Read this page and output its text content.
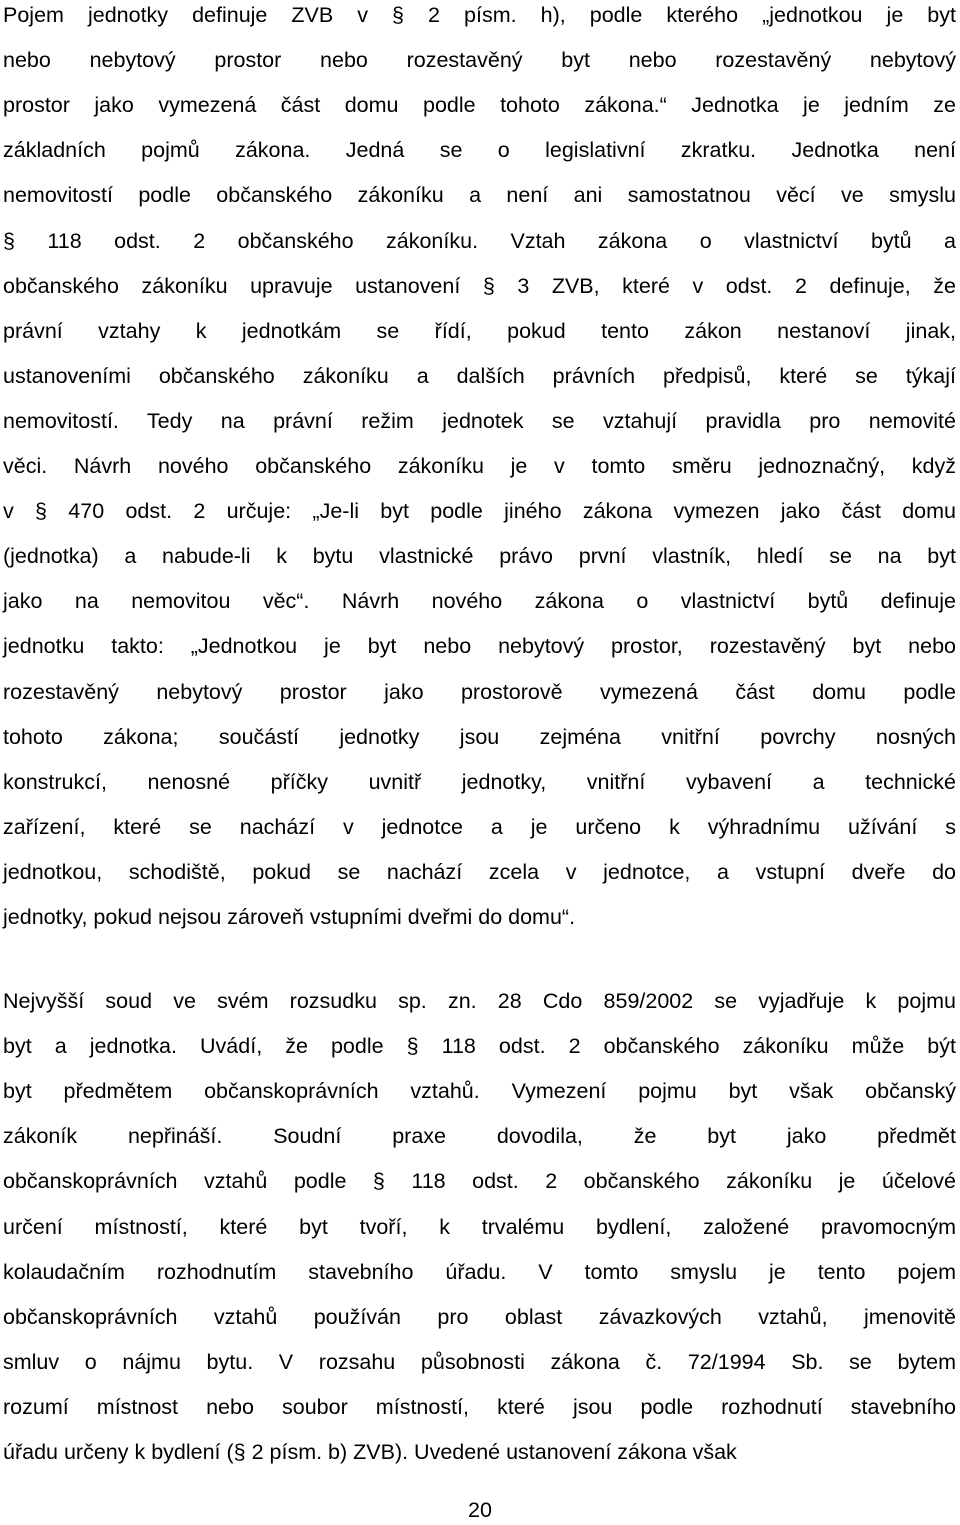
Pojem jednotky definuje ZVB v § 2 písm. h), podle kterého „jednotkou je byt
nebo nebytový prostor nebo rozestavěný byt nebo rozestavěný nebytový
prostor jako vymezená část domu podle tohoto zákona.“ Jednotka je jedním ze
základních pojmů zákona. Jedná se o legislativní zkratku. Jednotka není
nemovitostí podle občanského zákoníku a není ani samostatnou věcí ve smyslu
§ 118 odst. 2 občanského zákoníku. Vztah zákona o vlastnictví bytů a
občanského zákoníku upravuje ustanovení § 3 ZVB, které v odst. 2 definuje, že
právní vztahy k jednotkám se řídí, pokud tento zákon nestanoví jinak,
ustanoveními občanského zákoníku a dalších právních předpisů, které se týkají
nemovitostí. Tedy na právní režim jednotek se vztahují pravidla pro nemovité
věci. Návrh nového občanského zákoníku je v tomto směru jednoznačný, když
v § 470 odst. 2 určuje: „Je-li byt podle jiného zákona vymezen jako část domu
(jednotka) a nabude-li k bytu vlastnické právo první vlastník, hledí se na byt
jako na nemovitou věc“. Návrh nového zákona o vlastnictví bytů definuje
jednotku takto: „Jednotkou je byt nebo nebytový prostor, rozestavěný byt nebo
rozestavěný nebytový prostor jako prostorově vymezená část domu podle
tohoto zákona; součástí jednotky jsou zejména vnitřní povrchy nosných
konstrukcí, nenosné příčky uvnitř jednotky, vnitřní vybavení a technické
zařízení, které se nachází v jednotce a je určeno k výhradnímu užívání s
jednotkou, schodiště, pokud se nachází zcela v jednotce, a vstupní dveře do
jednotky, pokud nejsou zároveň vstupními dveřmi do domu“.
Nejvyšší soud ve svém rozsudku sp. zn. 28 Cdo 859/2002 se vyjadřuje k pojmu
byt a jednotka. Uvádí, že podle § 118 odst. 2 občanského zákoníku může být
byt předmětem občanskoprávních vztahů. Vymezení pojmu byt však občanský
zákoník nepřináší. Soudní praxe dovodila, že byt jako předmět
občanskoprávních vztahů podle § 118 odst. 2 občanského zákoníku je účelové
určení místností, které byt tvoří, k trvalému bydlení, založené pravomocným
kolaudačním rozhodnutím stavebního úřadu. V tomto smyslu je tento pojem
občanskoprávních vztahů používán pro oblast závazkových vztahů, jmenovitě
smluv o nájmu bytu. V rozsahu působnosti zákona č. 72/1994 Sb. se bytem
rozumí místnost nebo soubor místností, které jsou podle rozhodnutí stavebního
úřadu určeny k bydlení (§ 2 písm. b) ZVB). Uvedené ustanovení zákona však
20
